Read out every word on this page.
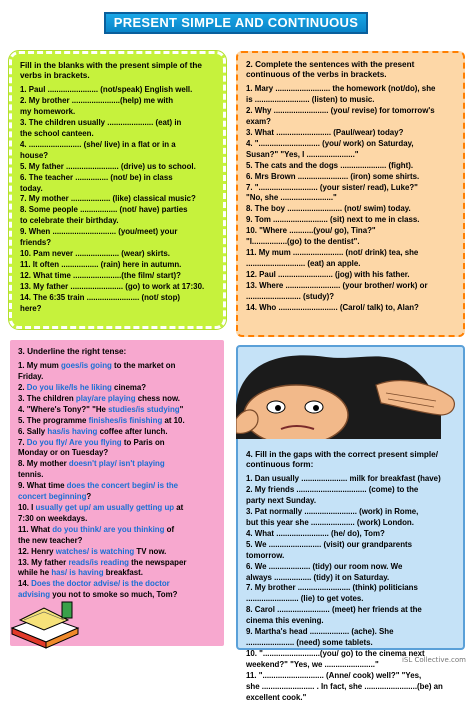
PRESENT SIMPLE AND CONTINUOUS
Fill in the blanks with the present simple of the verbs in brackets.
1. Paul ....................... (not/speak) English well.
2. My brother ......................(help) me with
my homework.
3. The children usually ..................... (eat) in
the school canteen.
4. ........................ (she/ live) in a flat or in a
house?
5. My father ........................ (drive) us to school.
6. The teacher ............... (not/ be) in class
today.
7. My mother .................. (like) classical music?
8. Some people ................. (not/ have) parties
to celebrate their birthday.
9. When ............................. (you/meet) your
friends?
10. Pam never .................... (wear) skirts.
11. It often ................. (rain) here in autumn.
12. What time ......................(the film/ start)?
13. My father ........................ (go) to work at 17:30.
14. The 6:35 train ........................ (not/ stop)
here?
2. Complete the sentences with the present continuous of the verbs in brackets.
1. Mary ......................... the homework (not/do), she
is ......................... (listen) to music.
2. Why ......................... (you/ revise) for tomorrow's
exam?
3. What ......................... (Paul/wear) today?
4. "............................ (you/ work) on Saturday,
Susan?" "Yes, I ......................"
5. The cats and the dogs ..................... (fight).
6. Mrs Brown ....................... (iron) some shirts.
7. "........................... (your sister/ read), Luke?"
"No, she ........................"
8. The boy ......................... (not/ swim) today.
9. Tom ......................... (sit) next to me in class.
10. "Where ...........(you/ go), Tina?"
"I................(go) to the dentist".
11. My mum ....................... (not/ drink) tea, she
........................... (eat) an apple.
12. Paul ......................... (jog) with his father.
13. Where ......................... (your brother/ work) or
......................... (study)?
14. Who ........................... (Carol/ talk) to, Alan?
3. Underline the right tense:
1. My mum goes/is going to the market on
Friday.
2. Do you like/Is he liking cinema?
3. The children play/are playing chess now.
4. "Where's Tony?" "He studies/is studying"
5. The programme finishes/is finishing at 10.
6. Sally has/is having coffee after lunch.
7. Do you fly/ Are you flying to Paris on
Monday or on Tuesday?
8. My mother doesn't play/ isn't playing
tennis.
9. What time does the concert begin/ is the
concert beginning?
10. I usually get up/ am usually getting up at
7:30 on weekdays.
11. What do you think/ are you thinking of
the new teacher?
12. Henry watches/ is watching TV now.
13. My father reads/is reading the newspaper
while he has/ is having breakfast.
14. Does the doctor advise/ is the doctor
advising you not to smoke so much, Tom?
4. Fill in the gaps with the correct present simple/ continuous form:
1. Dan usually ..................... milk for breakfast (have)
2. My friends ................................ (come) to the
party next Sunday.
3. Pat normally ........................ (work) in Rome,
but this year she .................... (work) London.
4. What ........................ (he/ do), Tom?
5. We ........................ (visit) our grandparents
tomorrow.
6. We ................... (tidy) our room now. We
always ................. (tidy) it on Saturday.
7. My brother ........................ (think) politicians
........................ (lie) to get votes.
8. Carol ........................ (meet) her friends at the
cinema this evening.
9. Martha's head .................. (ache). She
...................... (need) some tablets.
10. "..........................(you/ go) to the cinema next
weekend?" "Yes, we ......................."
11. "............................ (Anne/ cook) well?" "Yes,
she ........................ . In fact, she ........................(be) an
excellent cook."
iSL Collective.com
